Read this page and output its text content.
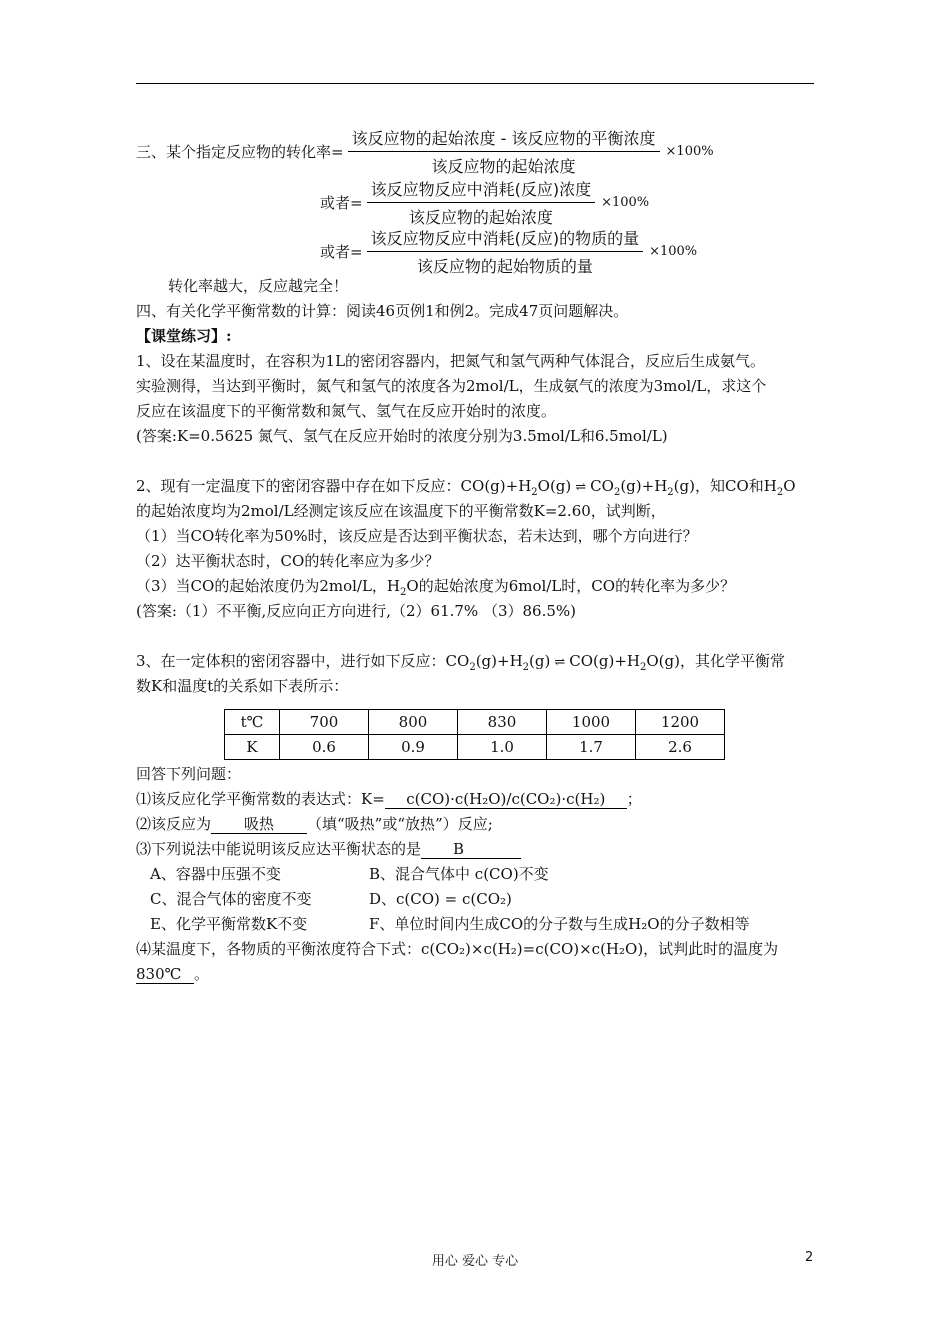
三、某个指定反应物的转化率= $\frac{\text{该反应物的起始浓度 - 该反应物的平衡浓度}}{\text{该反应物的起始浓度}} \times 100\%$
或者= $\frac{\text{该反应物反应中消耗(反应)浓度}}{\text{该反应物的起始浓度}} \times 100\%$
或者= $\frac{\text{该反应物反应中消耗(反应)的物质的量}}{\text{该反应物的起始物质的量}} \times 100\%$
转化率越大，反应越完全！
四、有关化学平衡常数的计算：阅读46页例1和例2。完成47页问题解决。
【课堂练习】:
1、设在某温度时，在容积为1L的密闭容器内，把氮气和氢气两种气体混合，反应后生成氨气。
实验测得，当达到平衡时，氮气和氢气的浓度各为2mol/L，生成氨气的浓度为3mol/L，求这个
反应在该温度下的平衡常数和氮气、氢气在反应开始时的浓度。
(答案:K=0.5625 氮气、氢气在反应开始时的浓度分别为3.5mol/L和6.5mol/L)
2、现有一定温度下的密闭容器中存在如下反应：$CO(g)+H_2O(g)$ ⇌ $CO_2(g)+H_2(g)$，知CO和$H_2O$
的起始浓度均为2mol/L经测定该反应在该温度下的平衡常数K=2.60，试判断，
（1）当CO转化率为50%时，该反应是否达到平衡状态，若未达到，哪个方向进行？
（2）达平衡状态时，CO的转化率应为多少？
（3）当CO的起始浓度仍为2mol/L，$H_2O$的起始浓度为6mol/L时，CO的转化率为多少？
(答案:（1）不平衡,反应向正方向进行,（2）61.7% （3）86.5%)
3、在一定体积的密闭容器中，进行如下反应：$CO_2(g)+H_2(g)$ ⇌ $CO(g)+H_2O(g)$，其化学平衡常
数K和温度t的关系如下表所示：
t℃	700	800	830	1000	1200
K	0.6	0.9	1.0	1.7	2.6
回答下列问题：
⑴该反应化学平衡常数的表达式：K= c(CO)·c(H₂O)/c(CO₂)·c(H₂) ；
⑵该反应为 吸热 （填“吸热”或“放热”）反应;
⑶下列说法中能说明该反应达平衡状态的是 B
A、容器中压强不变	B、混合气体中 c(CO)不变
C、混合气体的密度不变	D、c(CO) = c(CO₂)
E、化学平衡常数K不变	F、单位时间内生成CO的分子数与生成H₂O的分子数相等
⑷某温度下，各物质的平衡浓度符合下式：c(CO₂)×c(H₂)=c(CO)×c(H₂O)，试判此时的温度为
830℃ 。
用心 爱心 专心	2
